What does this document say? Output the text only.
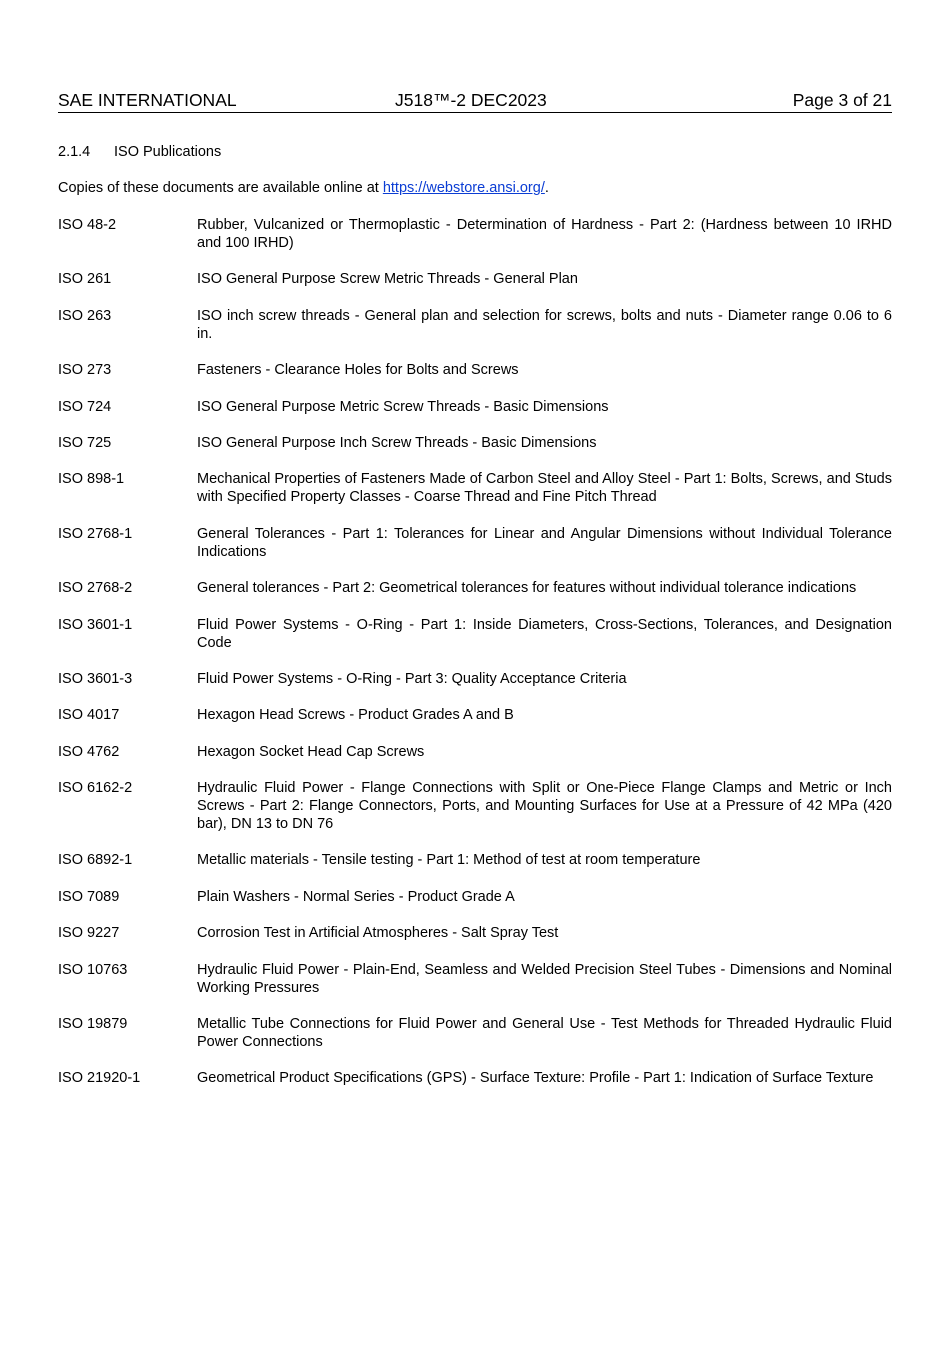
SAE INTERNATIONAL	J518™-2 DEC2023	Page 3 of 21
2.1.4 ISO Publications
Copies of these documents are available online at https://webstore.ansi.org/.
ISO 48-2	Rubber, Vulcanized or Thermoplastic - Determination of Hardness - Part 2: (Hardness between 10 IRHD and 100 IRHD)
ISO 261	ISO General Purpose Screw Metric Threads - General Plan
ISO 263	ISO inch screw threads - General plan and selection for screws, bolts and nuts - Diameter range 0.06 to 6 in.
ISO 273	Fasteners - Clearance Holes for Bolts and Screws
ISO 724	ISO General Purpose Metric Screw Threads - Basic Dimensions
ISO 725	ISO General Purpose Inch Screw Threads - Basic Dimensions
ISO 898-1	Mechanical Properties of Fasteners Made of Carbon Steel and Alloy Steel - Part 1: Bolts, Screws, and Studs with Specified Property Classes - Coarse Thread and Fine Pitch Thread
ISO 2768-1	General Tolerances - Part 1: Tolerances for Linear and Angular Dimensions without Individual Tolerance Indications
ISO 2768-2	General tolerances - Part 2: Geometrical tolerances for features without individual tolerance indications
ISO 3601-1	Fluid Power Systems - O-Ring - Part 1: Inside Diameters, Cross-Sections, Tolerances, and Designation Code
ISO 3601-3	Fluid Power Systems - O-Ring - Part 3: Quality Acceptance Criteria
ISO 4017	Hexagon Head Screws - Product Grades A and B
ISO 4762	Hexagon Socket Head Cap Screws
ISO 6162-2	Hydraulic Fluid Power - Flange Connections with Split or One-Piece Flange Clamps and Metric or Inch Screws - Part 2: Flange Connectors, Ports, and Mounting Surfaces for Use at a Pressure of 42 MPa (420 bar), DN 13 to DN 76
ISO 6892-1	Metallic materials - Tensile testing - Part 1: Method of test at room temperature
ISO 7089	Plain Washers - Normal Series - Product Grade A
ISO 9227	Corrosion Test in Artificial Atmospheres - Salt Spray Test
ISO 10763	Hydraulic Fluid Power - Plain-End, Seamless and Welded Precision Steel Tubes - Dimensions and Nominal Working Pressures
ISO 19879	Metallic Tube Connections for Fluid Power and General Use - Test Methods for Threaded Hydraulic Fluid Power Connections
ISO 21920-1	Geometrical Product Specifications (GPS) - Surface Texture: Profile - Part 1: Indication of Surface Texture
